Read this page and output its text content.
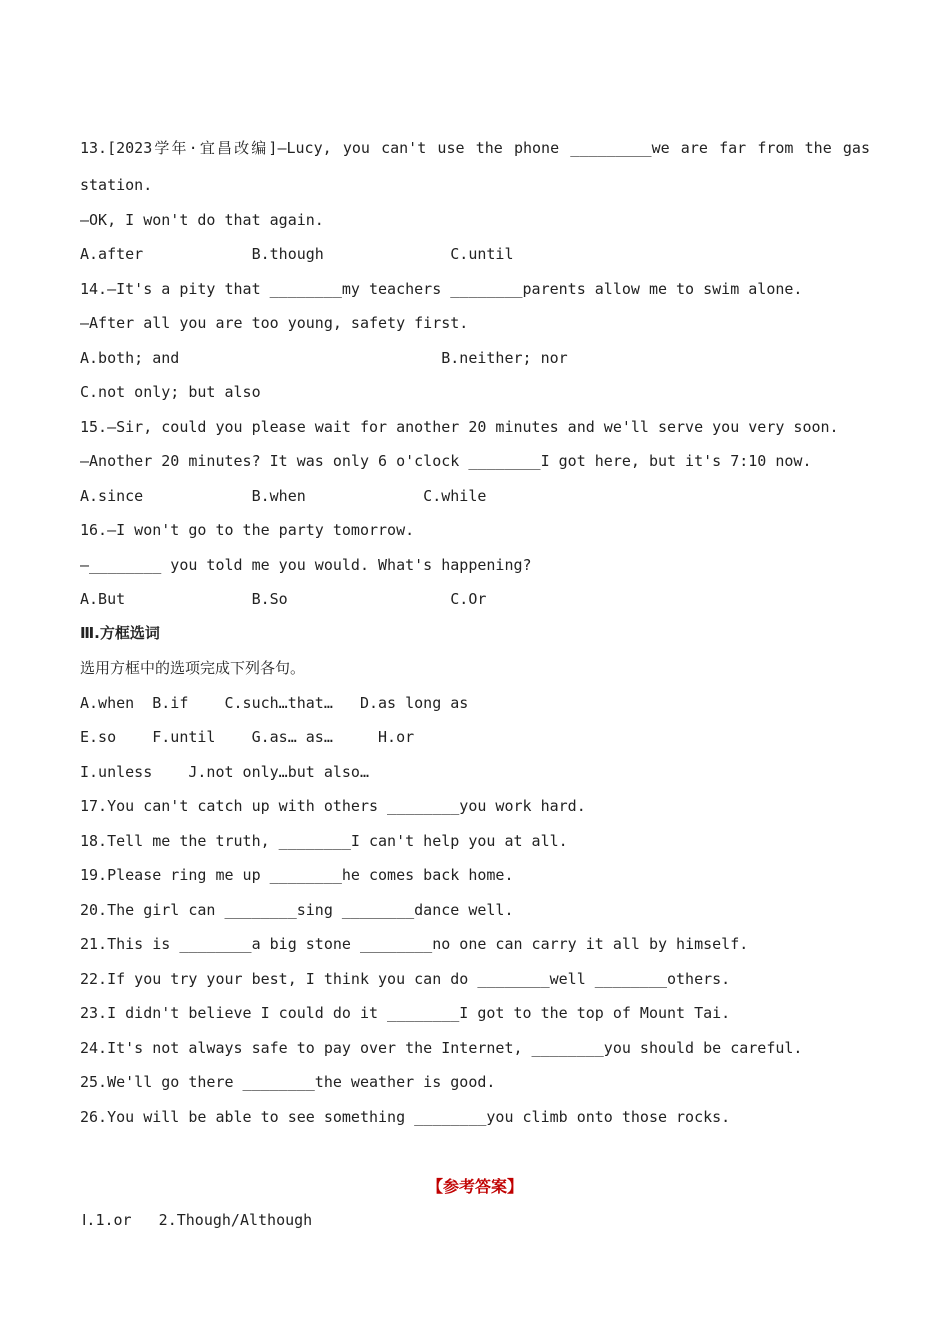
13.[2023学年·宜昌改编]—Lucy, you can't use the phone _________we are far from the gas
station.
—OK, I won't do that again.
A.after            B.though              C.until
14.—It's a pity that ________my teachers ________parents allow me to swim alone.
—After all you are too young, safety first.
A.both; and                             B.neither; nor
C.not only; but also
15.—Sir, could you please wait for another 20 minutes and we'll serve you very soon.
—Another 20 minutes? It was only 6 o'clock ________I got here, but it's 7:10 now.
A.since            B.when             C.while
16.—I won't go to the party tomorrow.
—________ you told me you would. What's happening?
A.But              B.So                  C.Or
Ⅲ.方框选词
选用方框中的选项完成下列各句。
A.when  B.if    C.such…that…   D.as long as
E.so    F.until    G.as… as…     H.or
I.unless    J.not only…but also…
17.You can't catch up with others ________you work hard.
18.Tell me the truth, ________I can't help you at all.
19.Please ring me up ________he comes back home.
20.The girl can ________sing ________dance well.
21.This is ________a big stone ________no one can carry it all by himself.
22.If you try your best, I think you can do ________well ________others.
23.I didn't believe I could do it ________I got to the top of Mount Tai.
24.It's not always safe to pay over the Internet, ________you should be careful.
25.We'll go there ________the weather is good.
26.You will be able to see something ________you climb onto those rocks.
【参考答案】
Ⅰ.1.or   2.Though/Although
